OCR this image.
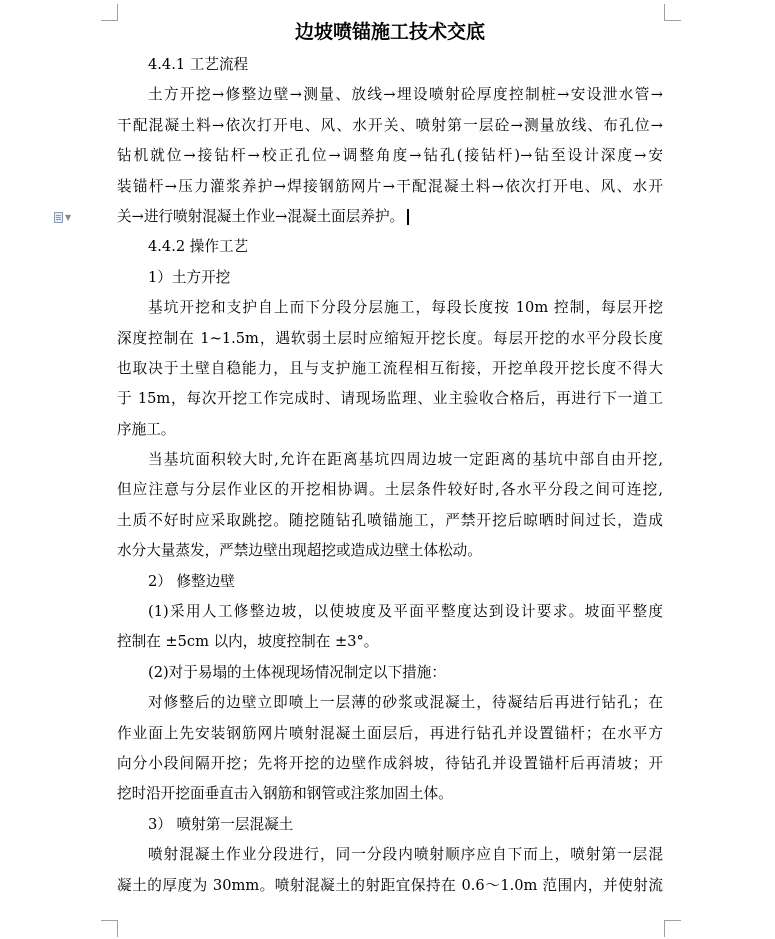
▼
边坡喷锚施工技术交底
4.4.1 工艺流程
土方开挖→修整边壁→测量、放线→埋设喷射砼厚度控制桩→安设泄水管→
干配混凝土料→依次打开电、风、水开关、喷射第一层砼→测量放线、布孔位→
钻机就位→接钻杆→校正孔位→调整角度→钻孔(接钻杆)→钻至设计深度→安
装锚杆→压力灌浆养护→焊接钢筋网片→干配混凝土料→依次打开电、风、水开
关→进行喷射混凝土作业→混凝土面层养护。
4.4.2 操作工艺
1）土方开挖
基坑开挖和支护自上而下分段分层施工，每段长度按 10m 控制，每层开挖
深度控制在 1~1.5m，遇软弱土层时应缩短开挖长度。每层开挖的水平分段长度
也取决于土壁自稳能力，且与支护施工流程相互衔接，开挖单段开挖长度不得大
于 15m，每次开挖工作完成时、请现场监理、业主验收合格后，再进行下一道工
序施工。
当基坑面积较大时,允许在距离基坑四周边坡一定距离的基坑中部自由开挖,
但应注意与分层作业区的开挖相协调。土层条件较好时,各水平分段之间可连挖,
土质不好时应采取跳挖。随挖随钻孔喷锚施工，严禁开挖后晾晒时间过长，造成
水分大量蒸发，严禁边壁出现超挖或造成边壁土体松动。
2） 修整边壁
(1)采用人工修整边坡，以使坡度及平面平整度达到设计要求。坡面平整度
控制在 ±5cm 以内，坡度控制在 ±3°。
(2)对于易塌的土体视现场情况制定以下措施：
对修整后的边壁立即喷上一层薄的砂浆或混凝土，待凝结后再进行钻孔；在
作业面上先安装钢筋网片喷射混凝土面层后，再进行钻孔并设置锚杆；在水平方
向分小段间隔开挖；先将开挖的边壁作成斜坡，待钻孔并设置锚杆后再清坡；开
挖时沿开挖面垂直击入钢筋和钢管或注浆加固土体。
3） 喷射第一层混凝土
喷射混凝土作业分段进行，同一分段内喷射顺序应自下而上，喷射第一层混
凝土的厚度为 30mm。喷射混凝土的射距宜保持在 0.6～1.0m 范围内，并使射流
